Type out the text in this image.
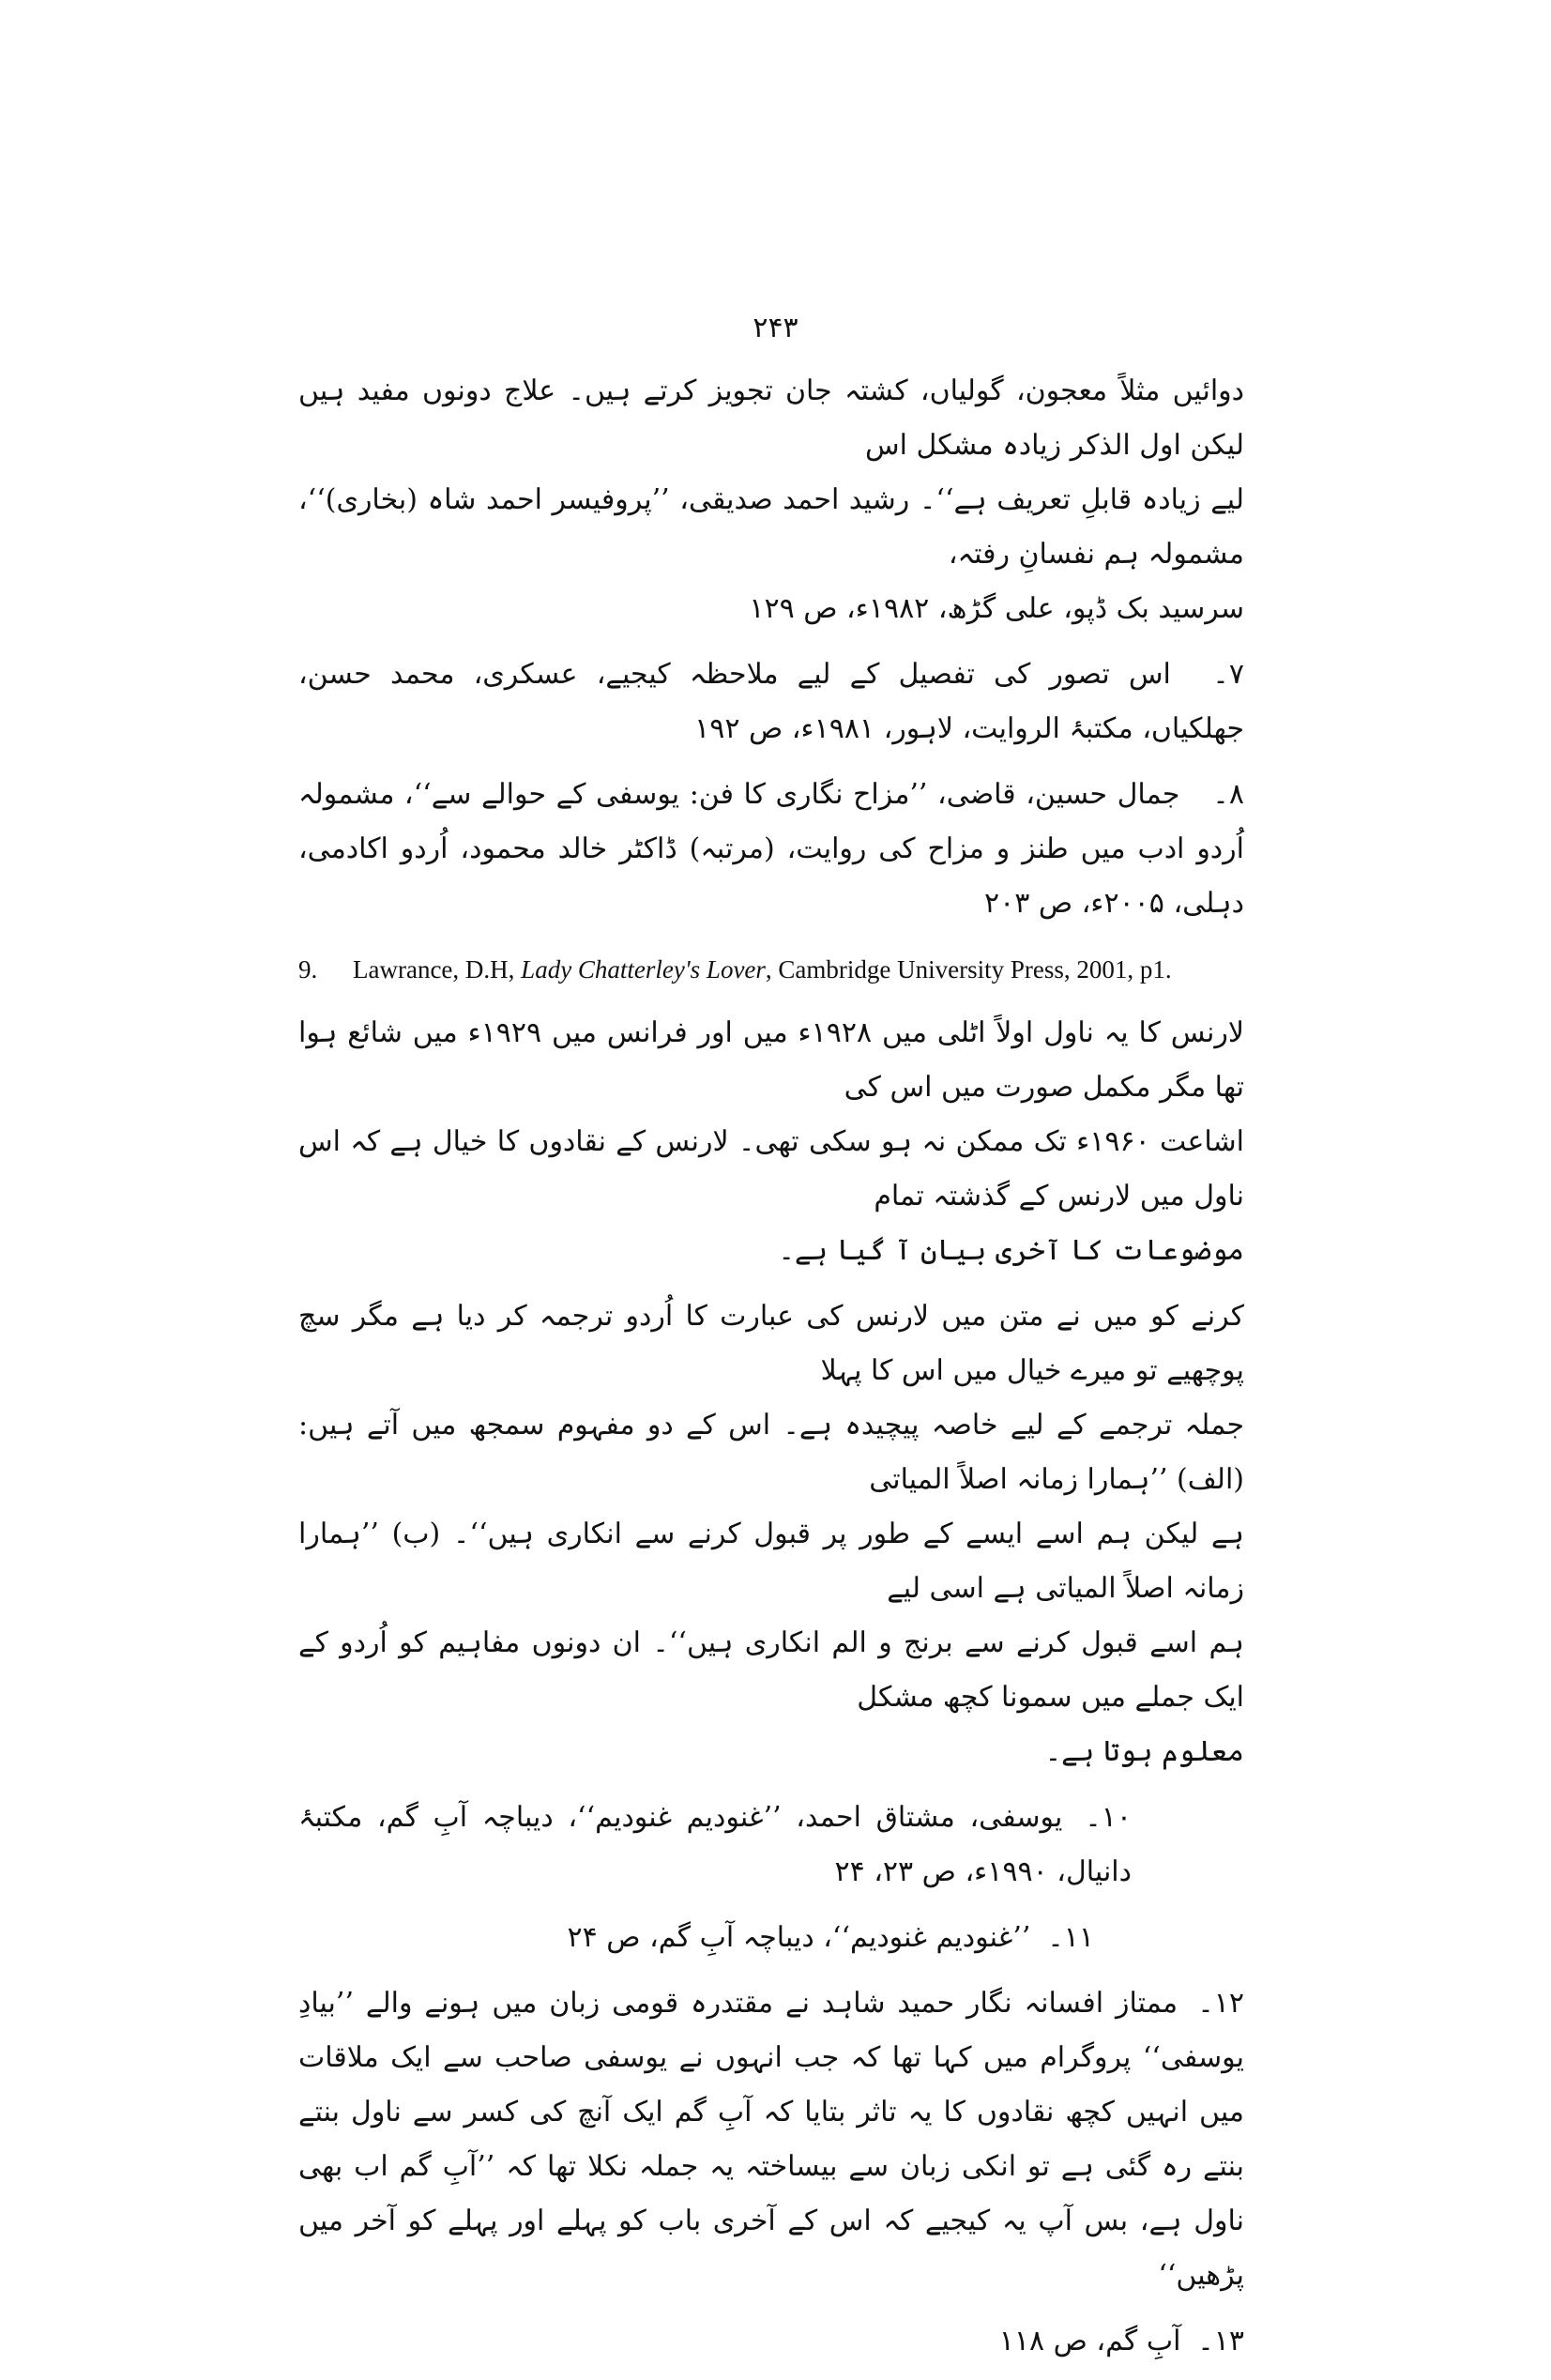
۲۴۳

دوائیں مثلاً معجون، گولیاں، کشتہ جان تجویز کرتے ہیں۔ علاج دونوں مفید ہیں لیکن اول الذکر زیادہ مشکل اس

لیے زیادہ قابلِ تعریف ہے‘‘۔ رشید احمد صدیقی، ’’پروفیسر احمد شاہ (بخاری)‘‘، مشمولہ ہم نفسانِ رفتہ،

سرسید بک ڈپو، علی گڑھ، ۱۹۸۲ء، ص ۱۲۹

۷۔ اس تصور کی تفصیل کے لیے ملاحظہ کیجیے، عسکری، محمد حسن، جھلکیاں، مکتبۂ الروایت، لاہور، ۱۹۸۱ء، ص ۱۹۲
۸۔ جمال حسین، قاضی، ’’مزاح نگاری کا فن: یوسفی کے حوالے سے‘‘، مشمولہ اُردو ادب میں طنز و مزاح کی روایت، (مرتبہ) ڈاکٹر خالد محمود، اُردو اکادمی، دہلی، ۲۰۰۵ء، ص ۲۰۳
9. Lawrance, D.H, Lady Chatterley's Lover, Cambridge University Press, 2001, p1.

لارنس کا یہ ناول اولاً اٹلی میں ۱۹۲۸ء میں اور فرانس میں ۱۹۲۹ء میں شائع ہوا تھا مگر مکمل صورت میں اس کی

اشاعت ۱۹۶۰ء تک ممکن نہ ہو سکی تھی۔ لارنس کے نقادوں کا خیال ہے کہ اس ناول میں لارنس کے گذشتہ تمام

موضوعات کا آخری بیان آ گیا ہے۔

کرنے کو میں نے متن میں لارنس کی عبارت کا اُردو ترجمہ کر دیا ہے مگر سچ پوچھیے تو میرے خیال میں اس کا پہلا

جملہ ترجمے کے لیے خاصہ پیچیدہ ہے۔ اس کے دو مفہوم سمجھ میں آتے ہیں: (الف) ’’ہمارا زمانہ اصلاً المیاتی

ہے لیکن ہم اسے ایسے کے طور پر قبول کرنے سے انکاری ہیں‘‘۔ (ب) ’’ہمارا زمانہ اصلاً المیاتی ہے اسی لیے

ہم اسے قبول کرنے سے برنج و الم انکاری ہیں‘‘۔ ان دونوں مفاہیم کو اُردو کے ایک جملے میں سمونا کچھ مشکل

معلوم ہوتا ہے۔

۱۰۔ یوسفی، مشتاق احمد، ’’غنودیم غنودیم‘‘، دیباچہ آبِ گم، مکتبۂ دانیال، ۱۹۹۰ء، ص ۲۳، ۲۴
۱۱۔ ’’غنودیم غنودیم‘‘، دیباچہ آبِ گم، ص ۲۴
۱۲۔ ممتاز افسانہ نگار حمید شاہد نے مقتدرہ قومی زبان میں ہونے والے ’’بیادِ یوسفی‘‘ پروگرام میں کہا تھا کہ جب انہوں نے یوسفی صاحب سے ایک ملاقات میں انہیں کچھ نقادوں کا یہ تاثر بتایا کہ آبِ گم ایک آنچ کی کسر سے ناول بنتے بنتے رہ گئی ہے تو انکی زبان سے بیساختہ یہ جملہ نکلا تھا کہ ’’آبِ گم اب بھی ناول ہے، بس آپ یہ کیجیے کہ اس کے آخری باب کو پہلے اور پہلے کو آخر میں پڑھیں‘‘
۱۳۔ آبِ گم، ص ۱۱۸
